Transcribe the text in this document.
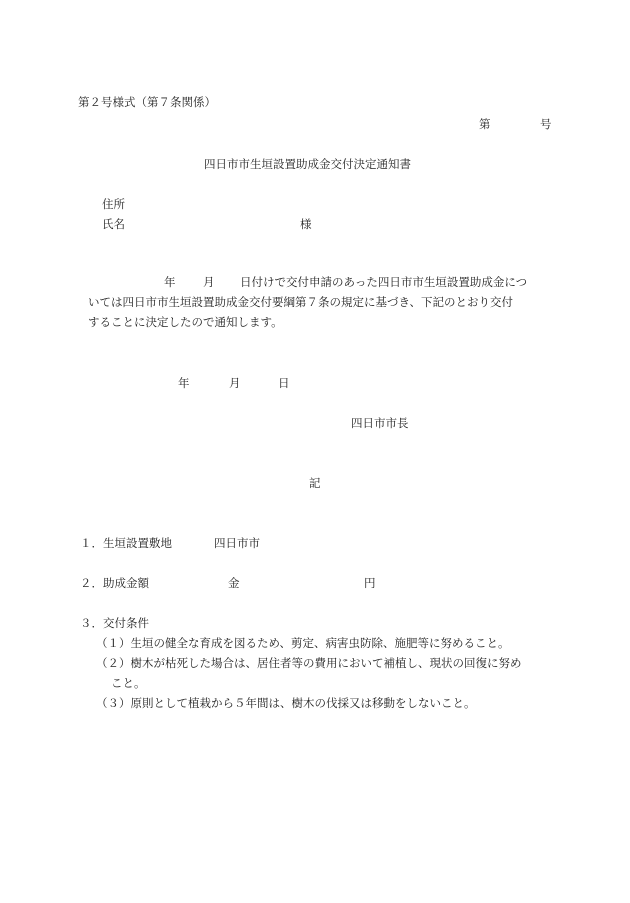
第２号様式（第７条関係）
第	号
四日市市生垣設置助成金交付決定通知書
住所
氏名	様
年 月 日付けで交付申請のあった四日市市生垣設置助成金につ
いては四日市市生垣設置助成金交付要綱第７条の規定に基づき、下記のとおり交付
することに決定したので通知します。
年	月	日
四日市市長
記
１．生垣設置敷地	四日市市
２．助成金額	金	円
３．交付条件
（１）生垣の健全な育成を図るため、剪定、病害虫防除、施肥等に努めること。
（２）樹木が枯死した場合は、居住者等の費用において補植し、現状の回復に努め
こと。
（３）原則として植栽から５年間は、樹木の伐採又は移動をしないこと。
